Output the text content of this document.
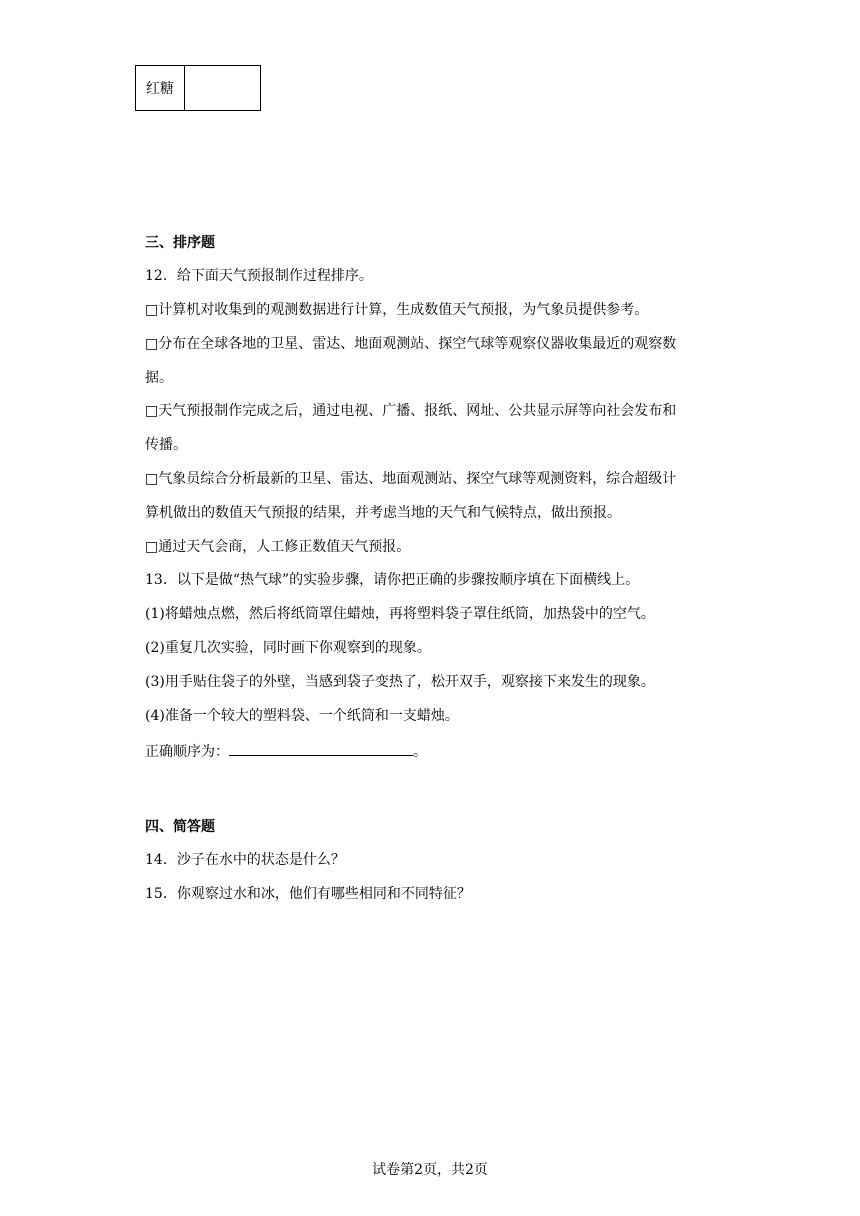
红糖	
三、排序题
12．给下面天气预报制作过程排序。
□计算机对收集到的观测数据进行计算，生成数值天气预报，为气象员提供参考。
□分布在全球各地的卫星、雷达、地面观测站、探空气球等观察仪器收集最近的观察数
据。
□天气预报制作完成之后，通过电视、广播、报纸、网址、公共显示屏等向社会发布和
传播。
□气象员综合分析最新的卫星、雷达、地面观测站、探空气球等观测资料，综合超级计
算机做出的数值天气预报的结果，并考虑当地的天气和气候特点，做出预报。
□通过天气会商，人工修正数值天气预报。
13．以下是做“热气球”的实验步骤，请你把正确的步骤按顺序填在下面横线上。
(1)将蜡烛点燃，然后将纸筒罩住蜡烛，再将塑料袋子罩住纸筒，加热袋中的空气。
(2)重复几次实验，同时画下你观察到的现象。
(3)用手贴住袋子的外壁，当感到袋子变热了，松开双手，观察接下来发生的现象。
(4)准备一个较大的塑料袋、一个纸筒和一支蜡烛。
正确顺序为：	。
四、简答题
14．沙子在水中的状态是什么？
15．你观察过水和冰，他们有哪些相同和不同特征？
试卷第2页，共2页
